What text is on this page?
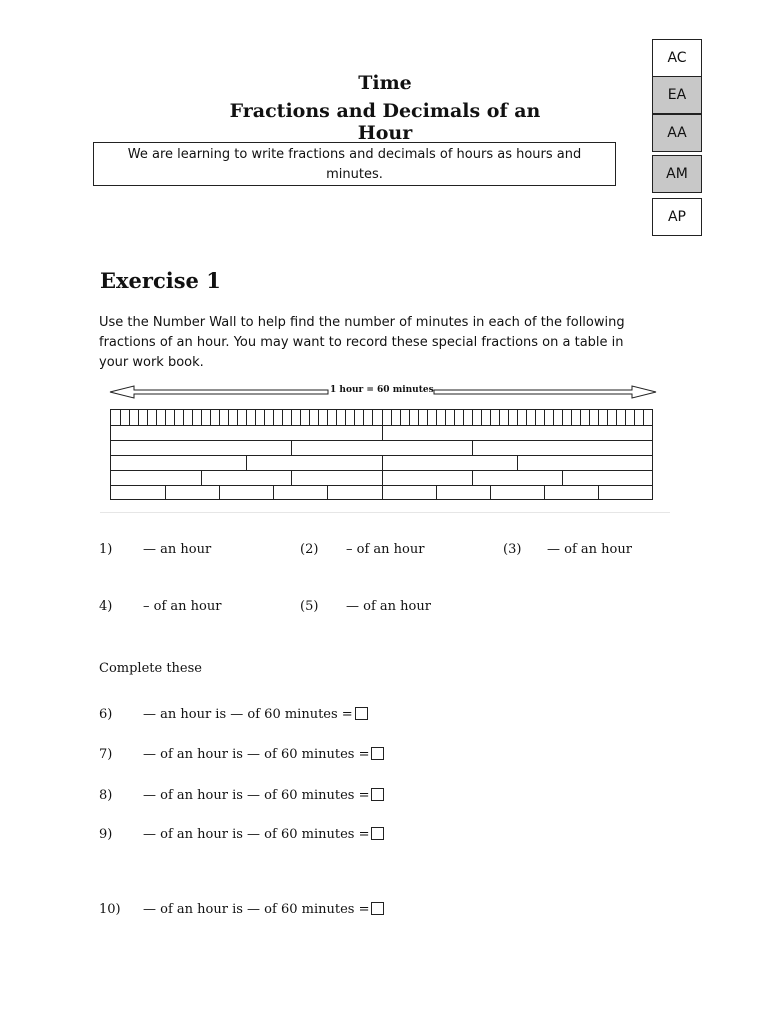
AC
EA
AA
AM
AP
Time
Fractions and Decimals of an Hour
We are learning to write fractions and decimals of hours as hours and minutes.
Exercise 1
Use the Number Wall to help find the number of minutes in each of the following fractions of an hour. You may want to record these special fractions on a table in your work book.
1 hour = 60 minutes
1) — an hour	(2) – of an hour	(3) — of an hour
4) – of an hour	(5) — of an hour
Complete these
6) — an hour is — of 60 minutes =
7) — of an hour is — of 60 minutes =
8) — of an hour is — of 60 minutes =
9) — of an hour is — of 60 minutes =
10) — of an hour is — of 60 minutes =
